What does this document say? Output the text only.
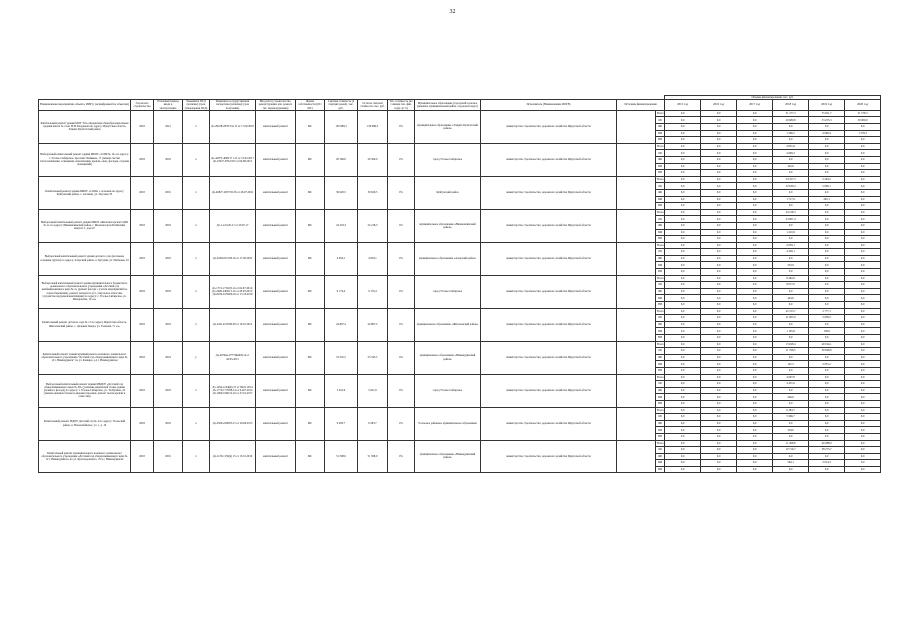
32
														Объемы финансирования, тыс. руб.					
Наименование мероприятия, объекта, ИИР (с расшифровкой по объектам)	Год начала строительства	Плановый период ввода в эксплуатацию	Реквизиты ПСД (наличие) (срок утверждения ПСД)	Реквизиты государственной экспертизы (наличие) (срок получения)	Вид работ (строительство, реконструкция, кап. ремонт, тех. перевооружение)	Форма собственности (ОС/МС)	Сметная стоимость (в текущих ценах), тыс. руб.	Остаток сметной стоимости, тыс. руб.	Тех. готовность (на 1 января тек. фин. года), (в %)	Муниципальное образование (городской/сельское (внешнее муниципальный район, городской округ)	Исполнитель (Наименование ИОГВ)	Источник финансирования		2015 год	2016 год	2017 год	2018 год	2019 год	2020 год
Капитальный ремонт здания МОУ Усть-Ордынская общеобразовательная средняя школа № 2 им. Н.Н. Балданова по адресу: Иркутская область, Эхирит-Булагатский район	2018	2021	х	Дз-29108-2878/17в.13 от 17.09.2018	капитальный ремонт	МС	136 989,3	136 989,3	0%	муниципальное образование «Эхирит-Булагатский район»	министерство строительства, дорожного хозяйства Иркутской области		Всего	0,0	0,0	0,0	31 277,3	55 951,7	31 578,3
													ОБ	0,0	0,0	0,0	29 680,8	53 255,3	30 000,0
													ФБ	0,0	0,0	0,0	0,0	0,0	0,0
													МБ	0,0	0,0	0,0	1 596,5	4 696,4	1 578,3
													ВИ	0,0	0,0	0,0	0,0	0,0	0,0
Выборочный капитальный ремонт здания МБОУ «СОШ № 12» по адресу: г. Усолье-Сибирское, проспект Химиков, 17 (замена систем теплоснабжения, освещения, канализации, кровли, окон, фасадов, отделки помещений)	2018	2018	х	Дз-44073-4069/17 г.15 от 15.02.2017 Дз-47027-0702/103 от 04.08.2013	капитальный ремонт	МС	20 566,0	20 566,0	0%	город Усолье-Сибирское	министерство строительства, дорожного хозяйства Иркутской области		Всего	0,0	0,0	0,0	4 851,8	0,0	0,0
													ОБ	0,0	0,0	0,0	4 609,2	0,0	0,0
													ФБ	0,0	0,0	0,0	0,0	0,0	0,0
													МБ	0,0	0,0	0,0	242,6	0,0	0,0
													ВИ	0,0	0,0	0,0	0,0	0,0	0,0
Капитальный ремонт здания МБОУ «СОШ» г. Алзамаи по адресу Куйтунский район, с. Алзамаи, ул. Заусаева 33	2018	2019	х	Дз-46827-2057/02.56 от 26.07.2016	капитальный ремонт	МС	39 620,5	39 620,5	0%	Куйтунский район	министерство строительства, дорожного хозяйства Иркутской области		Всего	0,0	0,0	0,0	34 357,3	5 263,2	0,0
													ОБ	0,0	0,0	0,0	32 639,4	5 000,1	0,0
													ФБ	0,0	0,0	0,0	0,0	0,0	0,0
													МБ	0,0	0,0	0,0	1 717,9	263,1	0,0
													ВИ	0,0	0,0	0,0	0,0	0,0	0,0
Выборочный капитальный ремонт здания МБОУ «Железногорская СОШ № 2» по адресу: Нижнеилимский район, г. Железногорск-Илимский, квартал 1, дом 47	2018	2018	х	Дз-1-4-0126-17 от 20.07.17	капитальный ремонт	МС	24 218,3	24 218,3	0%	муниципальное образование «Нижнеилимский район»	министерство строительства, дорожного хозяйства Иркутской области		Всего	0,0	0,0	0,0	24 218,3	0,0	0,0
													ОБ	0,0	0,0	0,0	23 007,4	0,0	0,0
													ФБ	0,0	0,0	0,0	0,0	0,0	0,0
													МБ	0,0	0,0	0,0	1 210,9	0,0	0,0
													ВИ	0,0	0,0	0,0	0,0	0,0	0,0
Выборочный капитальный ремонт здания детского сада (ясельная, основная группа) по адресу: Аларский район, п. Кутулик, ул. Матвеева, 45	2018	2018	х	Дз-0228-02/33/8.16 от 17.09.2016	капитальный ремонт	МС	4 659,1	4 659,1	0%	муниципальное образование «Аларский район»	министерство строительства, дорожного хозяйства Иркутской области		Всего	0,0	0,0	0,0	4 659,1	0,0	0,0
													ОБ	0,0	0,0	0,0	4 426,1	0,0	0,0
													ФБ	0,0	0,0	0,0	0,0	0,0	0,0
													МБ	0,0	0,0	0,0	233,0	0,0	0,0
													ВИ	0,0	0,0	0,0	0,0	0,0	0,0
Выборочный капитальный ремонт здания муниципального бюджетного дошкольного образовательного учреждения «Детский сад комбинированного вида № 2» (ремонт фасада с учетом мероприятий по теплосбережению, ремонт четвертого уст. санузлов и отмостки, устройство наружной вентиляции) по адресу: г. Усолье-Сибирское, ул. Менделеева, 19 «а»	2018	2018	х	Дз-1774-1734/03.14 от 04.07.2014; Дз-2409-2409/13.14 от 20.03.2015; Дз-6184-6159/06.16 от 15.10.2016	капитальный ремонт	МС	9 176,4	9 176,4	0%	город Усолье-Сибирское	министерство строительства, дорожного хозяйства Иркутской области		Всего	0,0	0,0	0,0	8 440,9	0,0	0,0
													ОБ	0,0	0,0	0,0	8 017,0	0,0	0,0
													ФБ	0,0	0,0	0,0	0,0	0,0	0,0
													МБ	0,0	0,0	0,0	423,0	0,0	0,0
													ВИ	0,0	0,0	0,0	0,0	0,0	0,0
Капитальный ремонт детского сада № 11 по адресу Иркутская область, Жигаловский район, с. Дальняя Закора, ул. Таежная, 71 «а»	2018	2018	х	Дз-24/0-2219/99.28 от 19.10.2014	капитальный ремонт	МС	24 867,2	24 867,2	0%	муниципальное образование «Жигаловский район»	министерство строительства, дорожного хозяйства Иркутской области		Всего	0,0	0,0	0,0	22 313,7	2 777,1	0,0
													ОБ	0,0	0,0	0,0	21 005,9	2 638,2	0,0
													ФБ	0,0	0,0	0,0	0,0	0,0	0,0
													МБ	0,0	0,0	0,0	1 105,8	138,9	0,0
													ВИ	0,0	0,0	0,0	0,0	0,0	0,0
Капитальный ремонт здания муниципального казенного дошкольного образовательного учреждения "Детский сад общеразвивающего вида № 12 г. Нижнеудинск" по ул. Кашира, д.4 г. Нижнеудинска	2018	2019	у	Дз-4979ен-0777ИнФ/8.14 от 26.05.2015	капитальный ремонт	МС	53 545,5	53 545,5	0%	муниципальное образование «Нижнеудинский район»	министерство строительства, дорожного хозяйства Иркутской области		Всего	0,0	0,0	0,0	13 028,4	40 194,1	0,0
													ОБ	0,0	0,0	0,0	11 798,3	39 048,9	0,0
													ФБ	0,0	0,0	0,0	0,0	0,0	0,0
													МБ	0,0	0,0	0,0	191,5	2 055,2	0,0
													ВИ	0,0	0,0	0,0	0,0	0,0	0,0
Выборочный капитальный ремонт здания МБДОУ «Детский сад общеразвивающего вида № 40» (усиление кирпичной стены здания (главного фасада) по адресу: г. Усолье-Сибирское, ул. Толбухина, 23 (замена оконных блоков и дверных проемов, ремонт полов кровли и отмостки)	2018	2018	х	Дз-1294-1234(Ф) 15 от 09.01.2014 Дз-1770-1770/08.14 от 04.07.2014 Дз-1960-1960/12.16 от 27.01.2017	капитальный ремонт	МС	5 041,9	5 041,9	0%	город Усолье-Сибирское	министерство строительства, дорожного хозяйства Иркутской области		Всего	0,0	0,0	0,0	4 697,8	0,0	0,0
													ОБ	0,0	0,0	0,0	4 451,6	0,0	0,0
													ФБ	0,0	0,0	0,0	0,0	0,0	0,0
													МБ	0,0	0,0	0,0	246,0	0,0	0,0
													ВИ	0,0	0,0	0,0	0,0	0,0	0,0
Капитальный ремонт МДОУ Детский сад № 4 по адресу: Усольский район, п. Новонабайское, ул. 1, д. 16	2018	2018	х	Дз-2560-2200/03.15 от 29.06.2015	капитальный ремонт	МС	6 283,7	6 283,7	0%	Усольское районное муниципальное образование	министерство строительства, дорожного хозяйства Иркутской области		Всего	0,0	0,0	0,0	6 283,7	0,0	0,0
													ОБ	0,0	0,0	0,0	5 966,7	0,0	0,0
													ФБ	0,0	0,0	0,0	0,0	0,0	0,0
													МБ	0,0	0,0	0,0	318,0	0,0	0,0
													ВИ	0,0	0,0	0,0	0,0	0,0	0,0
Капитальный ремонт муниципального казенного дошкольного образовательного учреждения «Детский сад общеразвивающего вида № 12 г. Нижнеудинск» по ул. Краснодонского, 25 в г. Нижнеудинске	2018	2019	х	Дз-1139-1159(4) 15 от 13.01.2016	капитальный ремонт	МС	51 508,9	51 508,9	0%	муниципальное образование «Нижнеудинский район»	министерство строительства, дорожного хозяйства Иркутской области		Всего	0,0	0,0	0,0	11 268,8	40 288,0	0,0
													ОБ	0,0	0,0	0,0	10 716,7	38 273,7	0,0
													ФБ	0,0	0,0	0,0	0,0	0,0	0,0
													МБ	0,0	0,0	0,0	564,1	2 014,3	0,0
													ВИ	0,0	0,0	0,0	0,0	0,0	0,0
